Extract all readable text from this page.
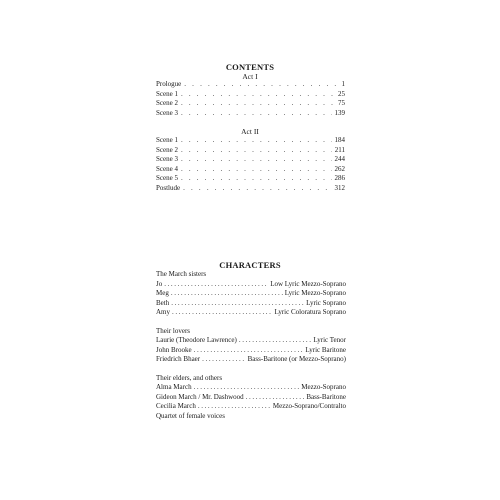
CONTENTS
Act I
Prologue . . .	1
Scene 1 . . .	25
Scene 2 . . .	75
Scene 3 . . .	139
Act II
Scene 1 . . .	184
Scene 2 . . .	211
Scene 3 . . .	244
Scene 4 . . .	262
Scene 5 . . .	286
Postlude . . .	312
CHARACTERS
The March sisters
Jo .....	Low Lyric Mezzo-Soprano
Meg .....	Lyric Mezzo-Soprano
Beth .....	Lyric Soprano
Amy .....	Lyric Coloratura Soprano
Their lovers
Laurie (Theodore Lawrence) .....	Lyric Tenor
John Brooke .....	Lyric Baritone
Friedrich Bhaer .....	Bass-Baritone (or Mezzo-Soprano)
Their elders, and others
Alma March .....	Mezzo-Soprano
Gideon March / Mr. Dashwood .....	Bass-Baritone
Cecilia March .....	Mezzo-Soprano/Contralto
Quartet of female voices
